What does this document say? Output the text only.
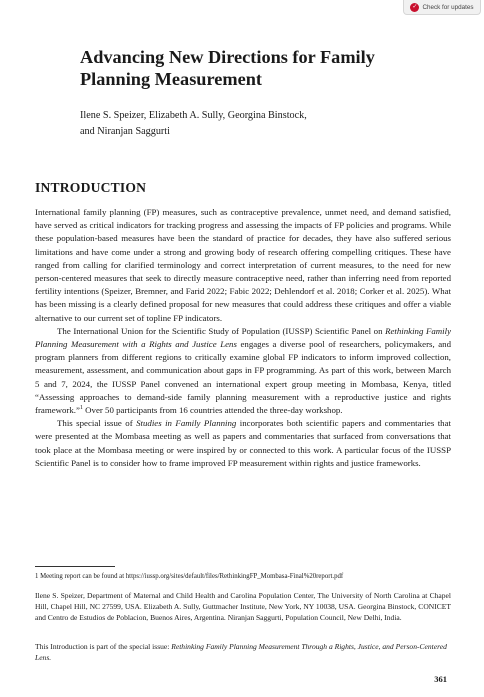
✓ Check for updates
Advancing New Directions for Family Planning Measurement
Ilene S. Speizer, Elizabeth A. Sully, Georgina Binstock,
and Niranjan Saggurti
INTRODUCTION

International family planning (FP) measures, such as contraceptive prevalence, unmet need, and demand satisfied, have served as critical indicators for tracking progress and assessing the impacts of FP policies and programs. While these population-based measures have been the standard of practice for decades, they have also suffered serious limitations and have come under a strong and growing body of research offering compelling critiques. These have ranged from calling for clarified terminology and correct interpretation of current measures, to the need for new person-centered measures that seek to directly measure contraceptive need, rather than inferring need from reported fertility intentions (Speizer, Bremner, and Farid 2022; Fabic 2022; Dehlendorf et al. 2018; Corker et al. 2025). What has been missing is a clearly defined proposal for new measures that could address these critiques and offer a viable alternative to our current set of topline FP indicators.

The International Union for the Scientific Study of Population (IUSSP) Scientific Panel on Rethinking Family Planning Measurement with a Rights and Justice Lens engages a diverse pool of researchers, policymakers, and program planners from different regions to critically examine global FP indicators to inform improved collection, measurement, assessment, and communication about gaps in FP programming. As part of this work, between March 5 and 7, 2024, the IUSSP Panel convened an international expert group meeting in Mombasa, Kenya, titled “Assessing approaches to demand-side family planning measurement with a reproductive justice and rights framework.”$^1$ Over 50 participants from 16 countries attended the three-day workshop.

This special issue of Studies in Family Planning incorporates both scientific papers and commentaries that were presented at the Mombasa meeting as well as papers and commentaries that surfaced from conversations that took place at the Mombasa meeting or were inspired by or connected to this work. A particular focus of the IUSSP Scientific Panel is to consider how to frame improved FP measurement within rights and justice frameworks.

1 Meeting report can be found at https://iussp.org/sites/default/files/RethinkingFP_Mombasa-Final%20report.pdf

Ilene S. Speizer, Department of Maternal and Child Health and Carolina Population Center, The University of North Carolina at Chapel Hill, Chapel Hill, NC 27599, USA. Elizabeth A. Sully, Guttmacher Institute, New York, NY 10038, USA. Georgina Binstock, CONICET and Centro de Estudios de Poblacion, Buenos Aires, Argentina. Niranjan Saggurti, Population Council, New Delhi, India.

This Introduction is part of the special issue: Rethinking Family Planning Measurement Through a Rights, Justice, and Person-Centered Lens.

361
